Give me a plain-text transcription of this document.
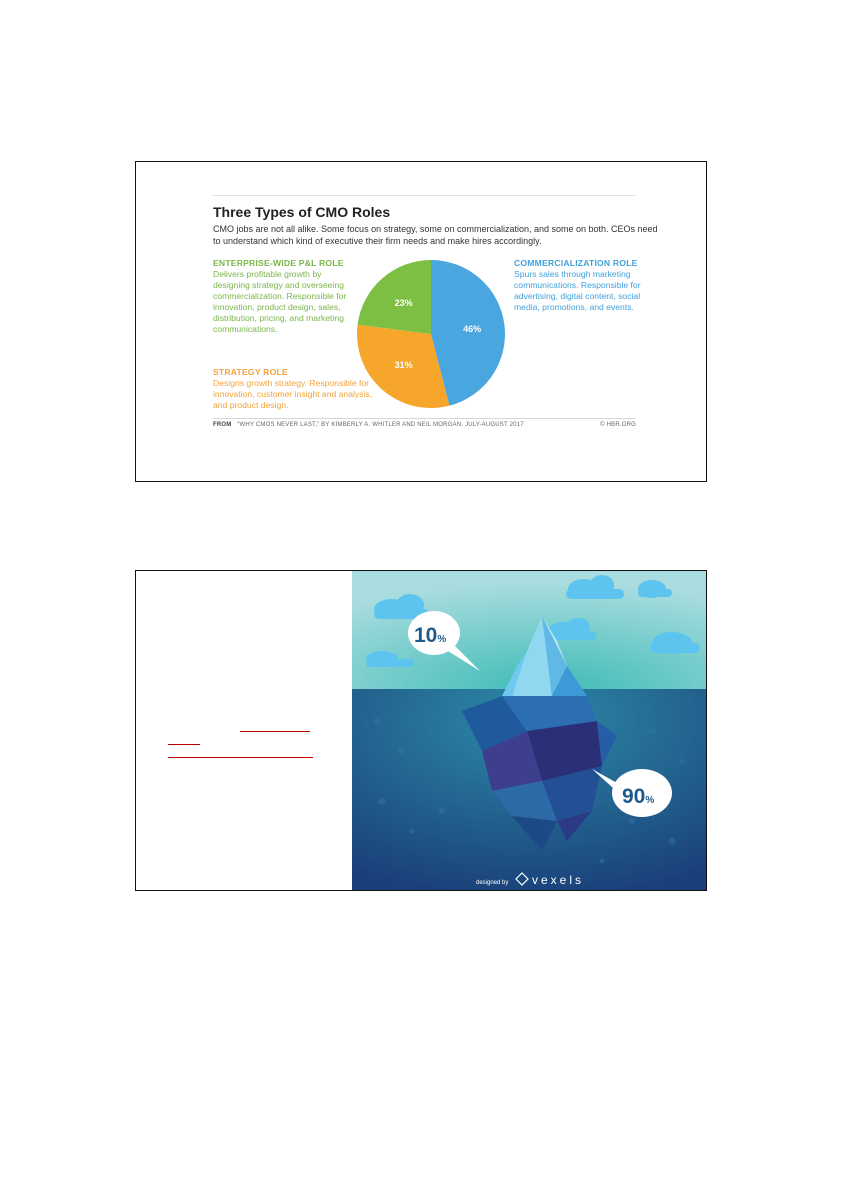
Three Types of CMO Roles
CMO jobs are not all alike. Some focus on strategy, some on commercialization, and some on both. CEOs need to understand which kind of executive their firm needs and make hires accordingly.
ENTERPRISE-WIDE P&L ROLE
Delivers profitable growth by designing strategy and overseeing commercialization. Responsible for innovation, product design, sales, distribution, pricing, and marketing communications.
STRATEGY ROLE
Designs growth strategy. Responsible for innovation, customer insight and analysis, and product design.
COMMERCIALIZATION ROLE
Spurs sales through marketing communications. Responsible for advertising, digital content, social media, promotions, and events.
46%
31%
23%
FROM “WHY CMOS NEVER LAST,” BY KIMBERLY A. WHITLER AND NEIL MORGAN, JULY-AUGUST 2017	© HBR.ORG
10%
90%
designed by vexels
